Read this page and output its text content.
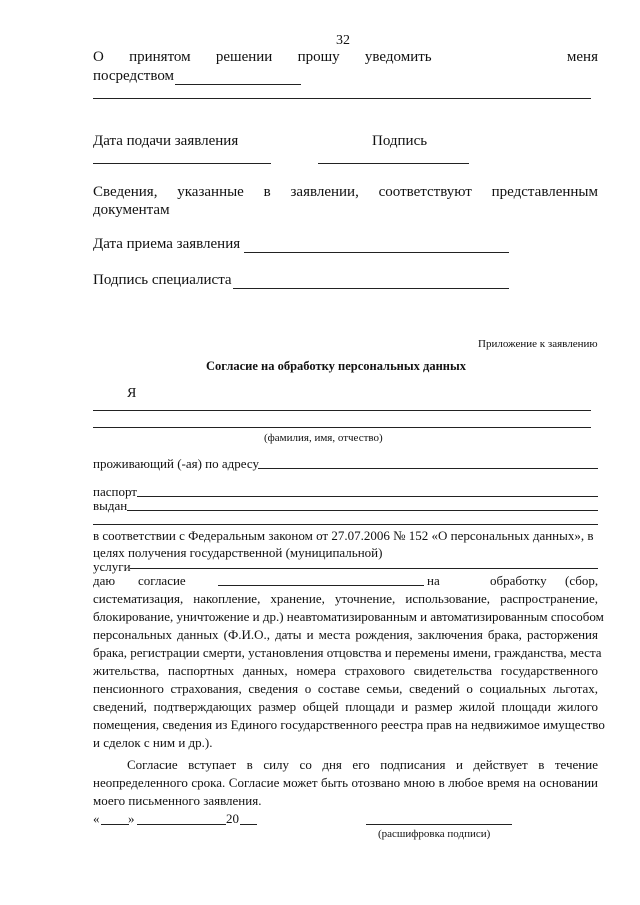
32
О принятом решении прошу уведомить	меня
посредством
Дата подачи заявления	Подпись
Сведения, указанные в заявлении, соответствуют представленным
документам
Дата приема заявления
Подпись специалиста
Приложение к заявлению
Согласие на обработку персональных данных
Я
(фамилия, имя, отчество)
проживающий (-ая) по адресу
паспорт
выдан
в соответствии с Федеральным законом от 27.07.2006 № 152 «О персональных данных», в
целях получения государственной (муниципальной)
услуги
даю согласие	на	обработку (сбор,
систематизация, накопление, хранение, уточнение, использование, распространение,
блокирование, уничтожение и др.) неавтоматизированным и автоматизированным способом
персональных данных (Ф.И.О., даты и места рождения, заключения брака, расторжения
брака, регистрации смерти, установления отцовства и перемены имени, гражданства, места
жительства, паспортных данных, номера страхового свидетельства государственного
пенсионного страхования, сведения о составе семьи, сведений о социальных льготах,
сведений, подтверждающих размер общей площади и размер жилой площади жилого
помещения, сведения из Единого государственного реестра прав на недвижимое имущество
и сделок с ним и др.).
Согласие вступает в силу со дня его подписания и действует в течение
неопределенного срока. Согласие может быть отозвано мною в любое время на основании
моего письменного заявления.
« »	20
(расшифровка подписи)
